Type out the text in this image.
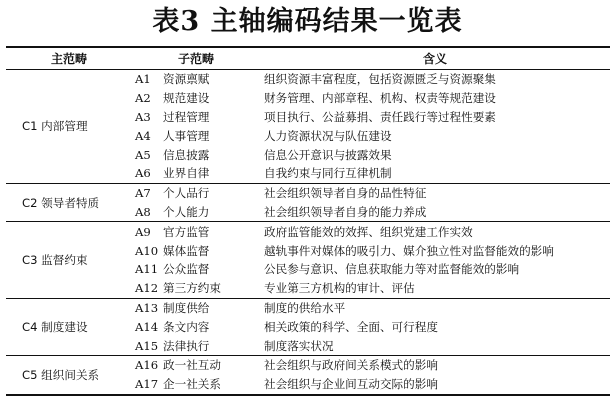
表3 主轴编码结果一览表
主范畴	子范畴	含义
C1 内部管理	A1 资源禀赋	组织资源丰富程度，包括资源匮乏与资源聚集
	A2 规范建设	财务管理、内部章程、机构、权责等规范建设
	A3 过程管理	项目执行、公益募捐、责任践行等过程性要素
	A4 人事管理	人力资源状况与队伍建设
	A5 信息披露	信息公开意识与披露效果
	A6 业界自律	自我约束与同行互律机制
C2 领导者特质	A7 个人品行	社会组织领导者自身的品性特征
	A8 个人能力	社会组织领导者自身的能力养成
C3 监督约束	A9 官方监管	政府监管能效的效挥、组织党建工作实效
	A10 媒体监督	越轨事件对媒体的吸引力、媒介独立性对监督能效的影响
	A11 公众监督	公民参与意识、信息获取能力等对监督能效的影响
	A12 第三方约束	专业第三方机构的审计、评估
C4 制度建设	A13 制度供给	制度的供给水平
	A14 条文内容	相关政策的科学、全面、可行程度
	A15 法律执行	制度落实状况
C5 组织间关系	A16 政一社互动	社会组织与政府间关系模式的影响
	A17 企一社关系	社会组织与企业间互动交际的影响
